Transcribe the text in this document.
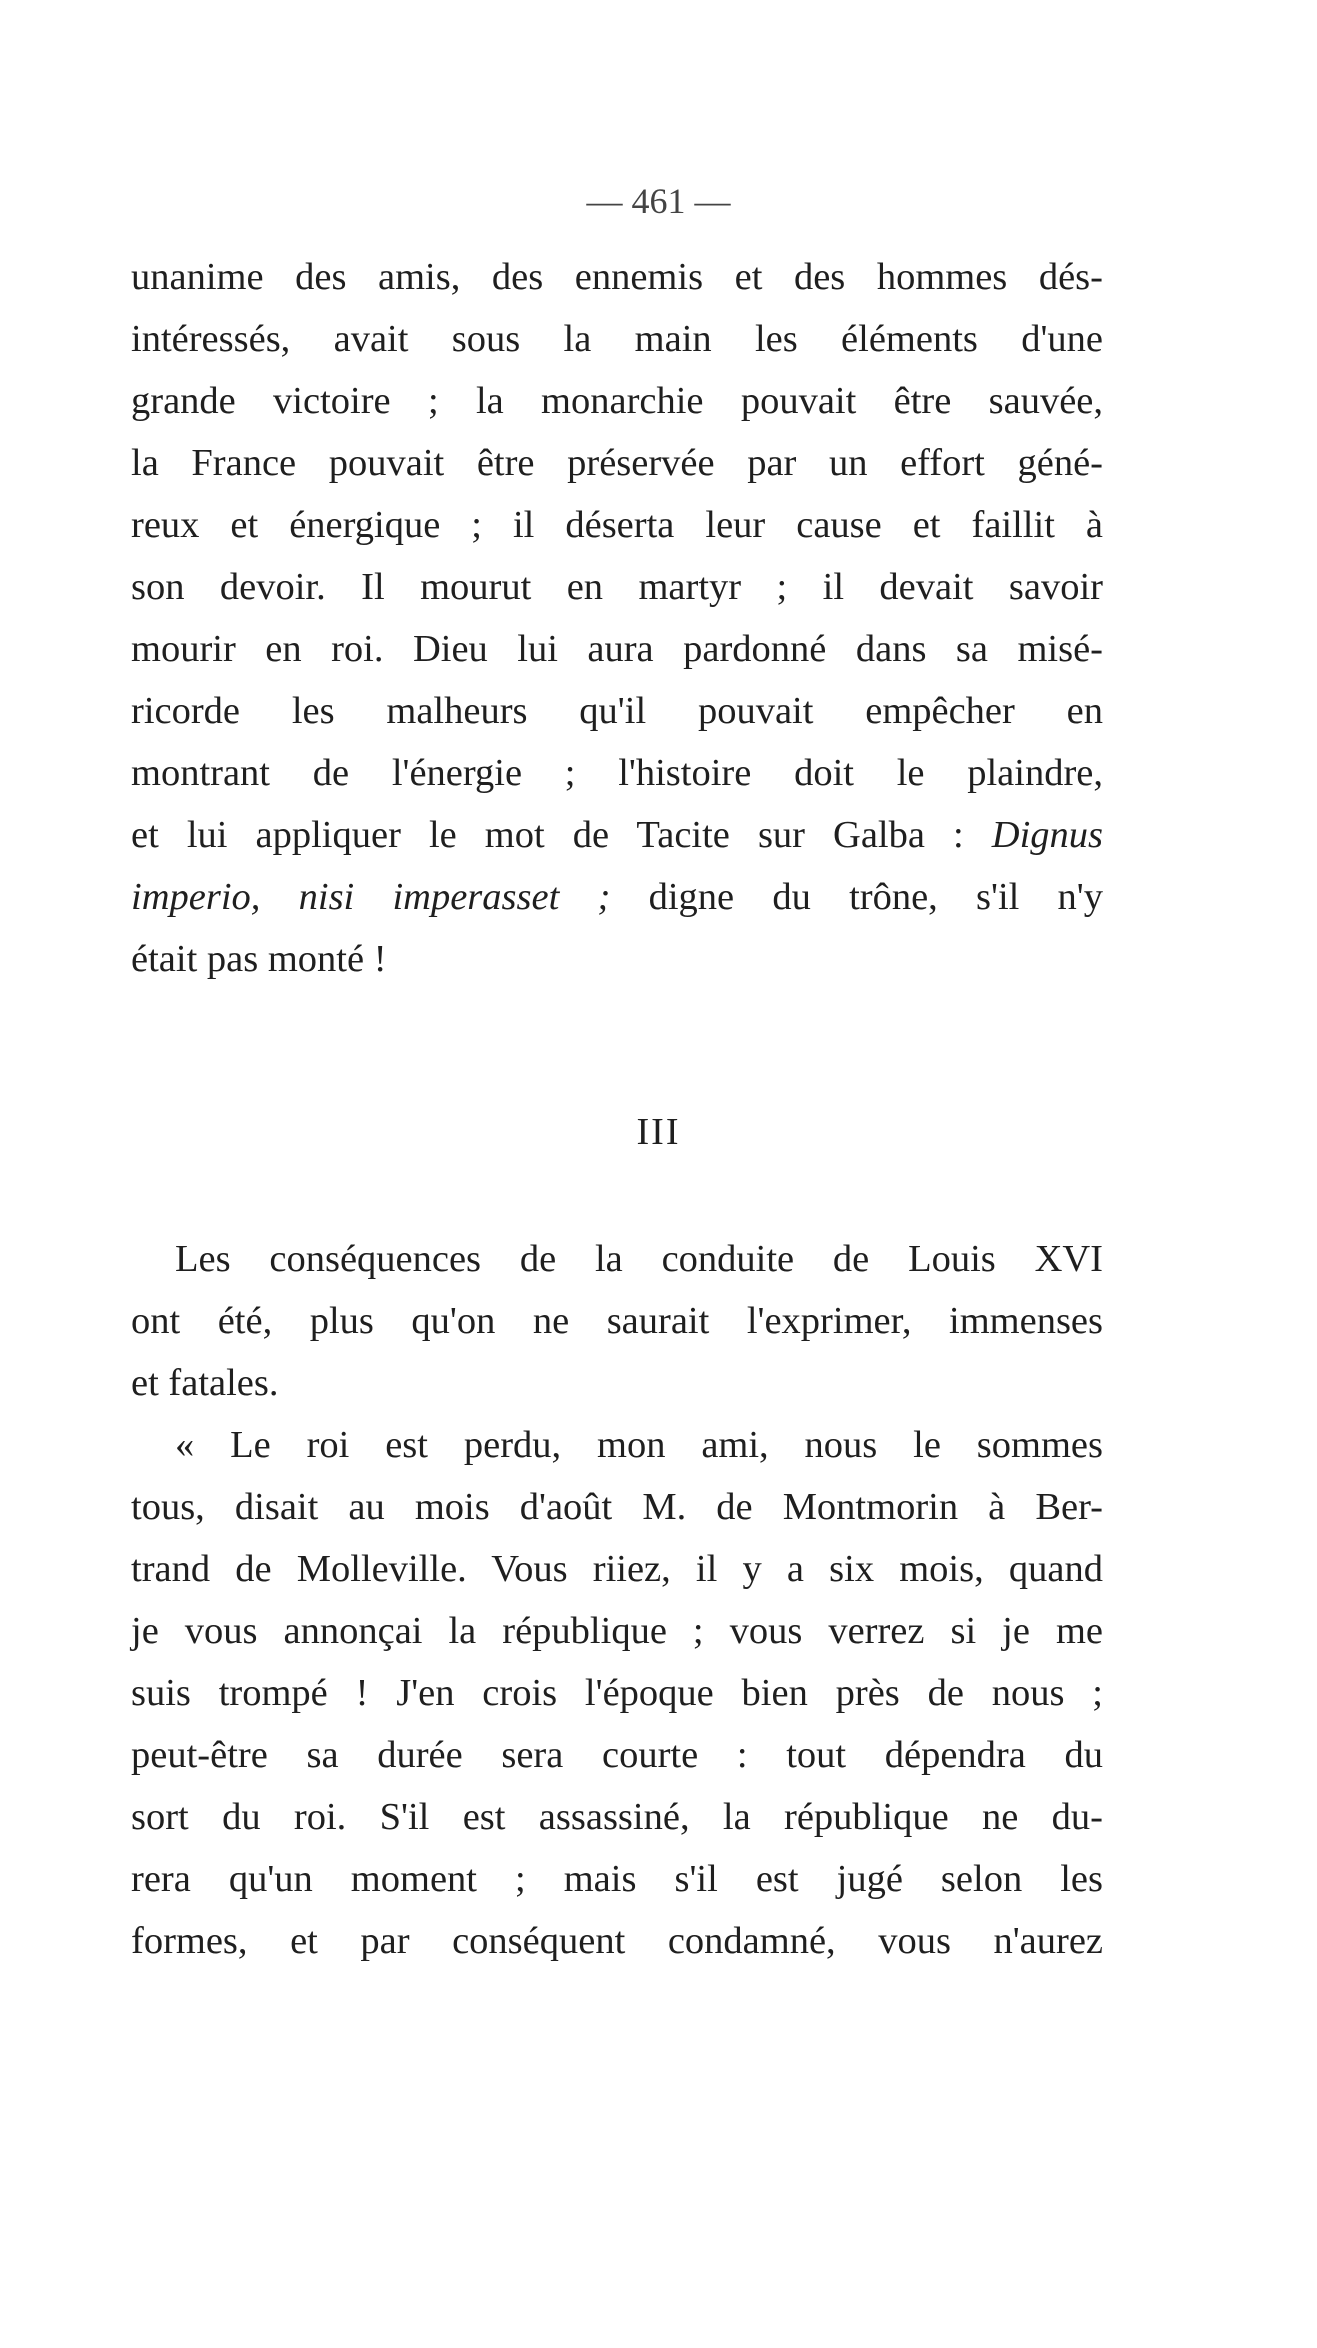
— 461 —
unanime des amis, des ennemis et des hommes dés-
intéressés, avait sous la main les éléments d'une
grande victoire ; la monarchie pouvait être sauvée,
la France pouvait être préservée par un effort géné-
reux et énergique ; il déserta leur cause et faillit à
son devoir. Il mourut en martyr ; il devait savoir
mourir en roi. Dieu lui aura pardonné dans sa misé-
ricorde les malheurs qu'il pouvait empêcher en
montrant de l'énergie ; l'histoire doit le plaindre,
et lui appliquer le mot de Tacite sur Galba : Dignus
imperio, nisi imperasset ; digne du trône, s'il n'y
était pas monté !
III
Les conséquences de la conduite de Louis XVI
ont été, plus qu'on ne saurait l'exprimer, immenses
et fatales.
« Le roi est perdu, mon ami, nous le sommes
tous, disait au mois d'août M. de Montmorin à Ber-
trand de Molleville. Vous riiez, il y a six mois, quand
je vous annonçai la république ; vous verrez si je me
suis trompé ! J'en crois l'époque bien près de nous ;
peut-être sa durée sera courte : tout dépendra du
sort du roi. S'il est assassiné, la république ne du-
rera qu'un moment ; mais s'il est jugé selon les
formes, et par conséquent condamné, vous n'aurez
